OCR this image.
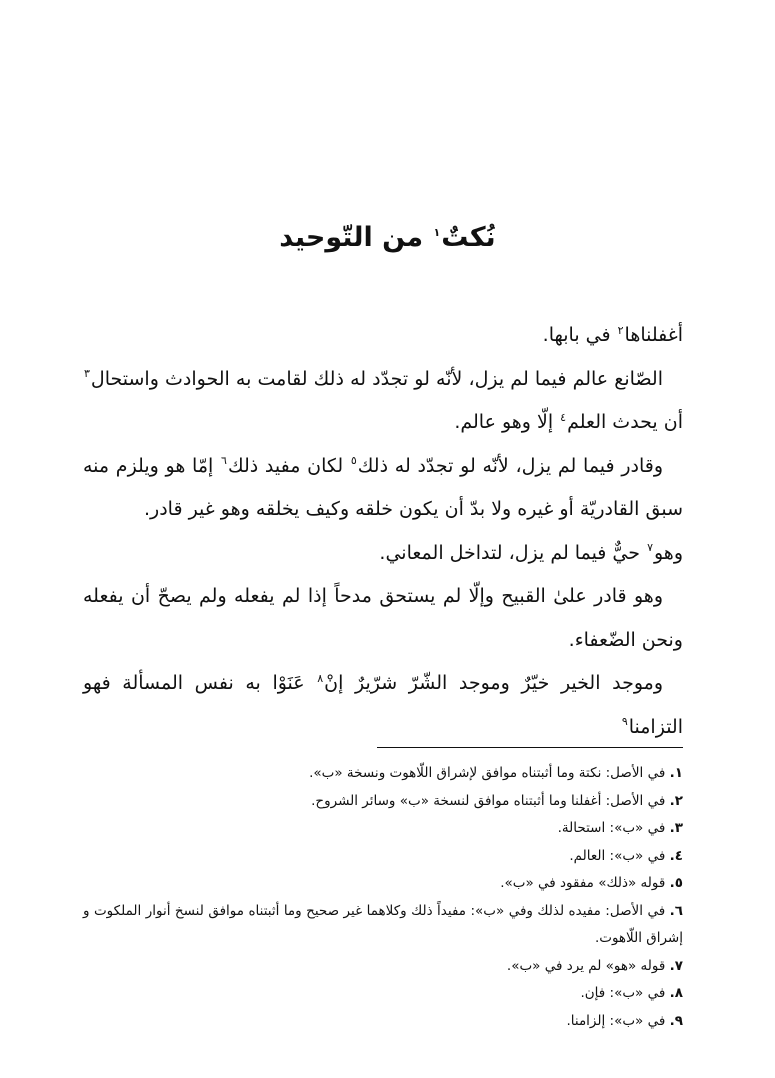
نُكتٌ$^١$ من التّوحيد

أغفلناها$^٢$ في بابها.

الصّانع عالم فيما لم يزل، لأنّه لو تجدّد له ذلك لقامت به الحوادث واستحال$^٣$ أن يحدث العلم$^٤$ إلّا وهو عالم.

وقادر فيما لم يزل، لأنّه لو تجدّد له ذلك$^٥$ لكان مفيد ذلك$^٦$ إمّا هو ويلزم منه سبق القادريّة أو غيره ولا بدّ أن يكون خلقه وكيف يخلقه وهو غير قادر.

وهو$^٧$ حيٌّ فيما لم يزل، لتداخل المعاني.

وهو قادر علىٰ القبيح وإلّا لم يستحق مدحاً إذا لم يفعله ولم يصحّ أن يفعله ونحن الضّعفاء.

وموجد الخير خيّرٌ وموجد الشّرّ شرّيرٌ إنْ$^٨$ عَنَوْا به نفس المسألة فهو التزامنا$^٩$

١. في الأصل: نكتة وما أثبتناه موافق لإشراق اللّاهوت ونسخة «ب».
٢. في الأصل: أغفلنا وما أثبتناه موافق لنسخة «ب» وسائر الشروح.
٣. في «ب»: استحالة.
٤. في «ب»: العالم.
٥. قوله «ذلك» مفقود في «ب».
٦. في الأصل: مفيده لذلك وفي «ب»: مفيداً ذلك وكلاهما غير صحيح وما أثبتناه موافق لنسخ أنوار الملكوت و إشراق اللّاهوت.
٧. قوله «هو» لم يرد في «ب».
٨. في «ب»: فإن.
٩. في «ب»: إلزامنا.
